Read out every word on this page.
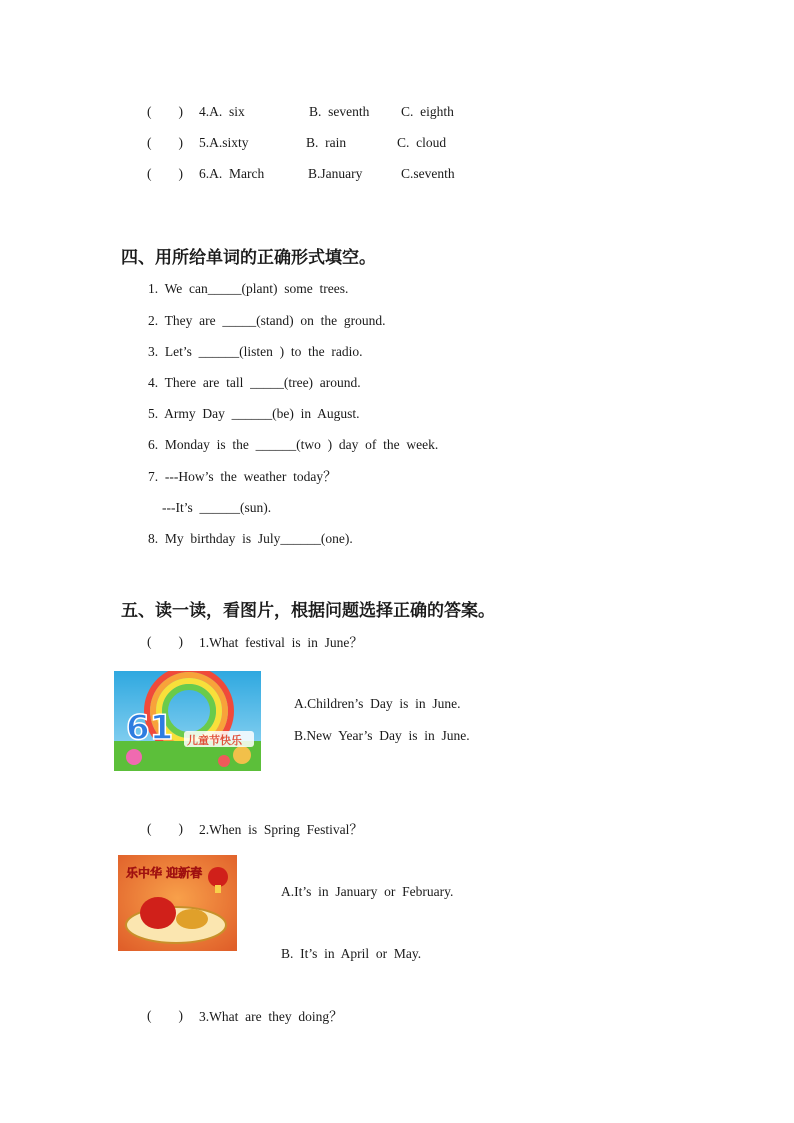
(        ) 4.A.  six	B.  seventh C.  eighth
(        ) 5.A.sixty	B.  rain	C.  cloud
(        ) 6.A.  March	B.January	C.seventh
四、用所给单词的正确形式填空。
1.  We  can_____(plant)  some  trees.
2.  They  are  _____(stand)  on  the  ground.
3.  Let’s  ______(listen  )  to  the  radio.
4.  There  are  tall  _____(tree)  around.
5.  Army  Day  ______(be)  in  August.
6.  Monday  is  the  ______(two  )  day  of  the  week.
7.  ---How’s  the  weather  today？
---It’s  ______(sun).
8.  My  birthday  is  July______(one).
五、读一读，看图片，根据问题选择正确的答案。
(        ) 1.What  festival  is  in  June？
61 儿童节快乐
A.Children’s  Day  is  in  June.
B.New  Year’s  Day  is  in  June.
(        ) 2.When  is  Spring  Festival？
乐中华 迎新春
A.It’s  in  January  or  February.
B.  It’s  in  April  or  May.
(        ) 3.What  are  they  doing？
